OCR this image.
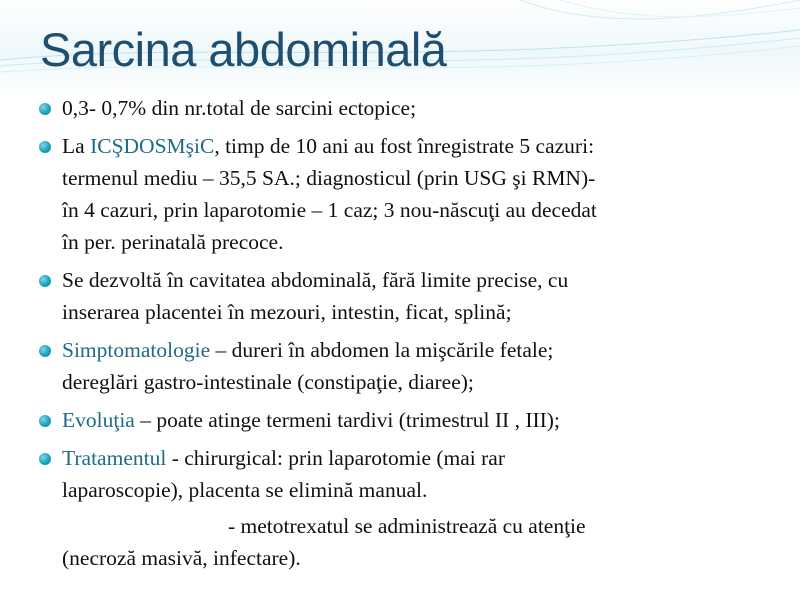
Sarcina abdominală
0,3- 0,7% din nr.total de sarcini ectopice;
La ICŞDOSMşiC, timp de 10 ani au fost înregistrate 5 cazuri:
termenul mediu – 35,5 SA.; diagnosticul (prin USG şi RMN)-
în 4 cazuri, prin laparotomie – 1 caz; 3 nou-născuţi au decedat
în per. perinatală precoce.
Se dezvoltă în cavitatea abdominală, fără limite precise, cu
inserarea placentei în mezouri, intestin, ficat, splină;
Simptomatologie – dureri în abdomen la mişcările fetale;
dereglări gastro-intestinale (constipaţie, diaree);
Evoluţia – poate atinge termeni tardivi (trimestrul II , III);
Tratamentul - chirurgical: prin laparotomie (mai rar
laparoscopie), placenta se elimină manual.
- metotrexatul se administrează cu atenţie
(necroză masivă, infectare).
